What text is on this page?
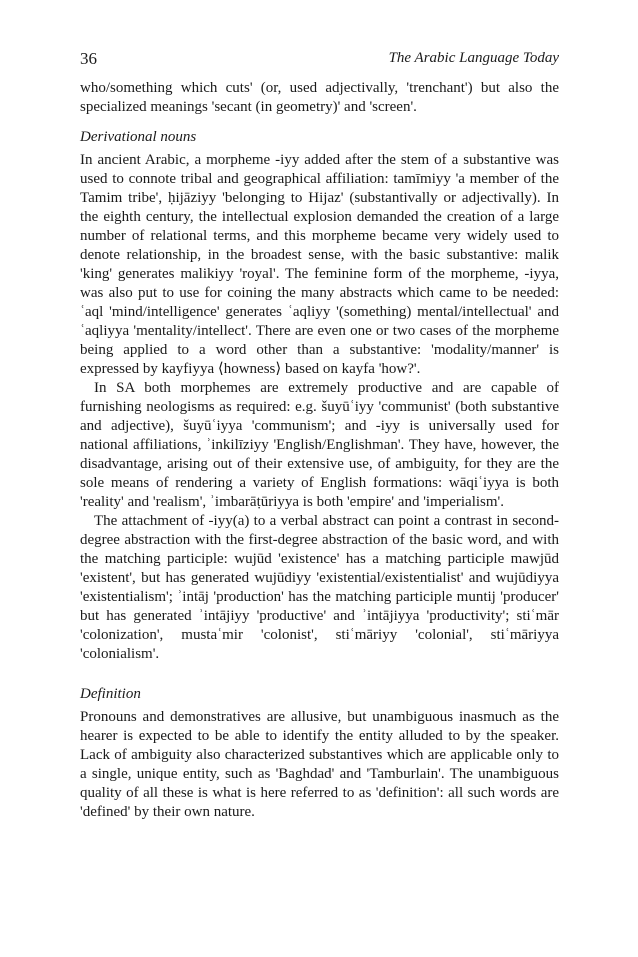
36	The Arabic Language Today

who/something which cuts' (or, used adjectivally, 'trenchant') but also the specialized meanings 'secant (in geometry)' and 'screen'.

Derivational nouns

In ancient Arabic, a morpheme -iyy added after the stem of a substantive was used to connote tribal and geographical affiliation: tamīmiyy 'a member of the Tamim tribe', ḥijāziyy 'belonging to Hijaz' (substantivally or adjectivally). In the eighth century, the intellectual explosion demanded the creation of a large number of relational terms, and this morpheme became very widely used to denote relationship, in the broadest sense, with the basic substantive: malik 'king' generates malikiyy 'royal'. The feminine form of the morpheme, -iyya, was also put to use for coining the many abstracts which came to be needed: ʿaql 'mind/intelligence' generates ʿaqliyy '(something) mental/intellectual' and ʿaqliyya 'mentality/intellect'. There are even one or two cases of the morpheme being applied to a word other than a substantive: 'modality/manner' is expressed by kayfiyya ⟨howness⟩ based on kayfa 'how?'.

In SA both morphemes are extremely productive and are capable of furnishing neologisms as required: e.g. šuyūʿiyy 'communist' (both substantive and adjective), šuyūʿiyya 'communism'; and -iyy is universally used for national affiliations, ʾinkilīziyy 'English/Englishman'. They have, however, the disadvantage, arising out of their extensive use, of ambiguity, for they are the sole means of rendering a variety of English formations: wāqiʿiyya is both 'reality' and 'realism', ʾimbarāṭūriyya is both 'empire' and 'imperialism'.

The attachment of -iyy(a) to a verbal abstract can point a contrast in second-degree abstraction with the first-degree abstraction of the basic word, and with the matching participle: wujūd 'existence' has a matching participle mawjūd 'existent', but has generated wujūdiyy 'existential/existentialist' and wujūdiyya 'existentialism'; ʾintāj 'production' has the matching participle muntij 'producer' but has generated ʾintājiyy 'productive' and ʾintājiyya 'productivity'; stiʿmār 'colonization', mustaʿmir 'colonist', stiʿmāriyy 'colonial', stiʿmāriyya 'colonialism'.

Definition

Pronouns and demonstratives are allusive, but unambiguous inasmuch as the hearer is expected to be able to identify the entity alluded to by the speaker. Lack of ambiguity also characterized substantives which are applicable only to a single, unique entity, such as 'Baghdad' and 'Tamburlain'. The unambiguous quality of all these is what is here referred to as 'definition': all such words are 'defined' by their own nature.
